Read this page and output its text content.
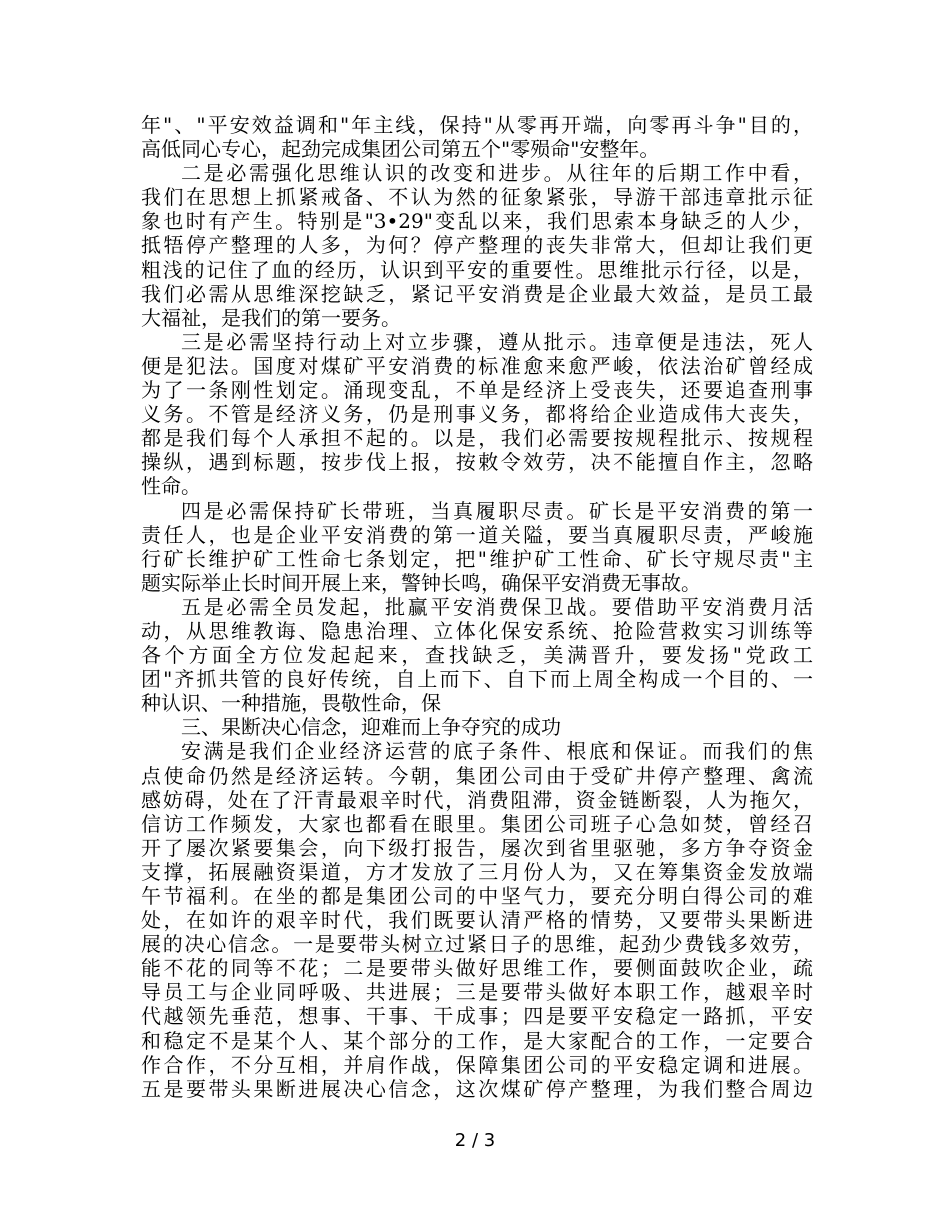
年"、"平安效益调和"年主线，保持"从零再开端，向零再斗争"目的，
高低同心专心，起劲完成集团公司第五个"零殒命"安整年。
二是必需强化思维认识的改变和进步。从往年的后期工作中看，
我们在思想上抓紧戒备、不认为然的征象紧张，导游干部违章批示征
象也时有产生。特别是"3•29"变乱以来，我们思索本身缺乏的人少，
抵牾停产整理的人多，为何？停产整理的丧失非常大，但却让我们更
粗浅的记住了血的经历，认识到平安的重要性。思维批示行径，以是，
我们必需从思维深挖缺乏，紧记平安消费是企业最大效益，是员工最
大福祉，是我们的第一要务。
三是必需坚持行动上对立步骤，遵从批示。违章便是违法，死人
便是犯法。国度对煤矿平安消费的标准愈来愈严峻，依法治矿曾经成
为了一条刚性划定。涌现变乱，不单是经济上受丧失，还要追查刑事
义务。不管是经济义务，仍是刑事义务，都将给企业造成伟大丧失，
都是我们每个人承担不起的。以是，我们必需要按规程批示、按规程
操纵，遇到标题，按步伐上报，按敕令效劳，决不能擅自作主，忽略
性命。
四是必需保持矿长带班，当真履职尽责。矿长是平安消费的第一
责任人，也是企业平安消费的第一道关隘，要当真履职尽责，严峻施
行矿长维护矿工性命七条划定，把"维护矿工性命、矿长守规尽责"主
题实际举止长时间开展上来，警钟长鸣，确保平安消费无事故。
五是必需全员发起，批赢平安消费保卫战。要借助平安消费月活
动，从思维教诲、隐患治理、立体化保安系统、抢险营救实习训练等
各个方面全方位发起起来，查找缺乏，美满晋升，要发扬"党政工
团"齐抓共管的良好传统，自上而下、自下而上周全构成一个目的、一
种认识、一种措施，畏敬性命，保
三、果断决心信念，迎难而上争夺究的成功
安满是我们企业经济运营的底子条件、根底和保证。而我们的焦
点使命仍然是经济运转。今朝，集团公司由于受矿井停产整理、禽流
感妨碍，处在了汗青最艰辛时代，消费阻滞，资金链断裂，人为拖欠，
信访工作频发，大家也都看在眼里。集团公司班子心急如焚，曾经召
开了屡次紧要集会，向下级打报告，屡次到省里驱驰，多方争夺资金
支撑，拓展融资渠道，方才发放了三月份人为，又在筹集资金发放端
午节福利。在坐的都是集团公司的中坚气力，要充分明白得公司的难
处，在如许的艰辛时代，我们既要认清严格的情势，又要带头果断进
展的决心信念。一是要带头树立过紧日子的思维，起劲少费钱多效劳，
能不花的同等不花；二是要带头做好思维工作，要侧面鼓吹企业，疏
导员工与企业同呼吸、共进展；三是要带头做好本职工作，越艰辛时
代越领先垂范，想事、干事、干成事；四是要平安稳定一路抓，平安
和稳定不是某个人、某个部分的工作，是大家配合的工作，一定要合
作合作，不分互相，并肩作战，保障集团公司的平安稳定调和进展。
五是要带头果断进展决心信念，这次煤矿停产整理，为我们整合周边
2 / 3
